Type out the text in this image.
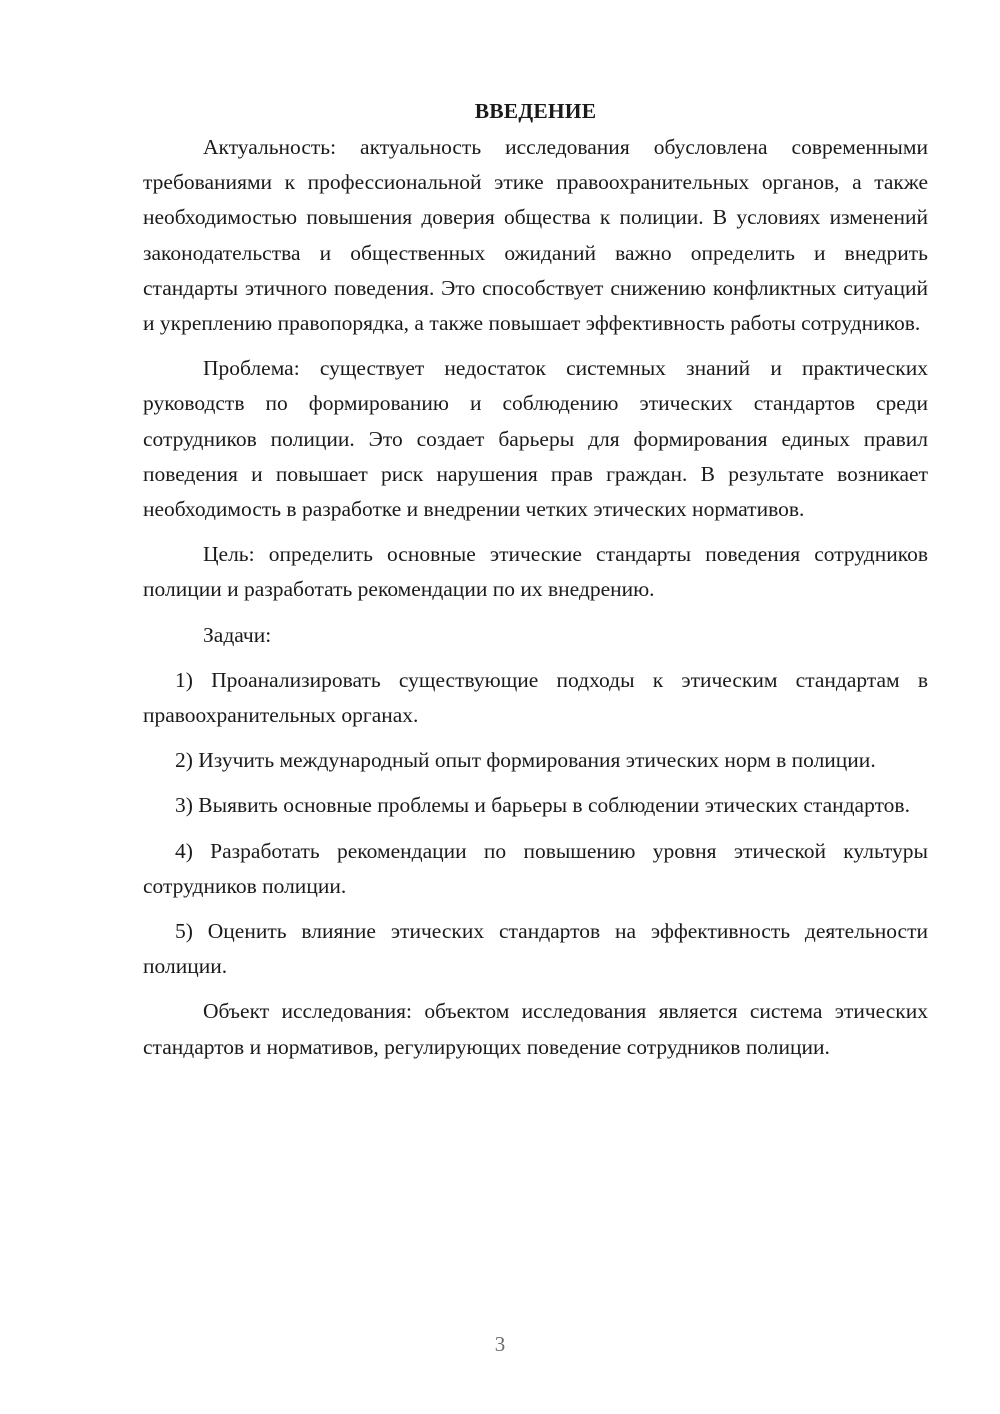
ВВЕДЕНИЕ

Актуальность: актуальность исследования обусловлена современными требованиями к профессиональной этике правоохранительных органов, а также необходимостью повышения доверия общества к полиции. В условиях изменений законодательства и общественных ожиданий важно определить и внедрить стандарты этичного поведения. Это способствует снижению конфликтных ситуаций и укреплению правопорядка, а также повышает эффективность работы сотрудников.

Проблема: существует недостаток системных знаний и практических руководств по формированию и соблюдению этических стандартов среди сотрудников полиции. Это создает барьеры для формирования единых правил поведения и повышает риск нарушения прав граждан. В результате возникает необходимость в разработке и внедрении четких этических нормативов.

Цель: определить основные этические стандарты поведения сотрудников полиции и разработать рекомендации по их внедрению.

Задачи:

1) Проанализировать существующие подходы к этическим стандартам в правоохранительных органах.

2) Изучить международный опыт формирования этических норм в полиции.

3) Выявить основные проблемы и барьеры в соблюдении этических стандартов.

4) Разработать рекомендации по повышению уровня этической культуры сотрудников полиции.

5) Оценить влияние этических стандартов на эффективность деятельности полиции.

Объект исследования: объектом исследования является система этических стандартов и нормативов, регулирующих поведение сотрудников полиции.

3
